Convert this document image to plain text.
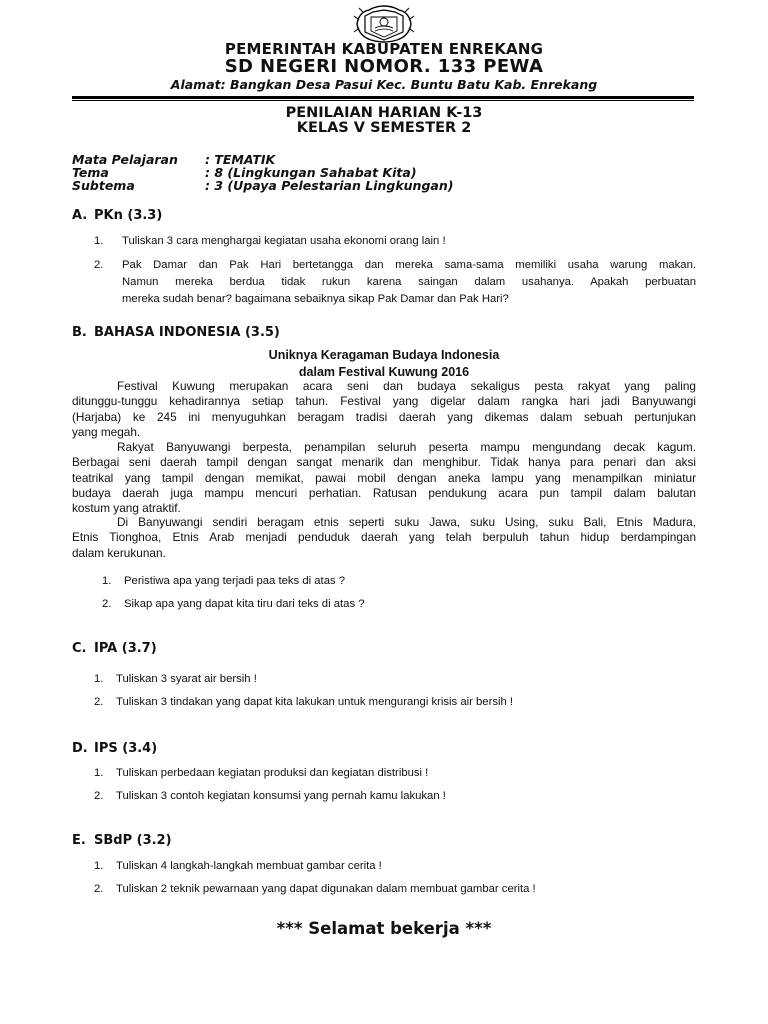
PEMERINTAH KABUPATEN ENREKANG
SD NEGERI NOMOR. 133 PEWA
Alamat: Bangkan Desa Pasui Kec. Buntu Batu Kab. Enrekang
PENILAIAN HARIAN K-13
KELAS V SEMESTER 2
Mata Pelajaran : TEMATIK
Tema	: 8 (Lingkungan Sahabat Kita)
Subtema	: 3 (Upaya Pelestarian Lingkungan)
A. PKn (3.3)
1. Tuliskan 3 cara menghargai kegiatan usaha ekonomi orang lain !
2. Pak Damar dan Pak Hari bertetangga dan mereka sama-sama memiliki usaha warung makan.
Namun mereka berdua tidak rukun karena saingan dalam usahanya. Apakah perbuatan
mereka sudah benar? bagaimana sebaiknya sikap Pak Damar dan Pak Hari?
B. BAHASA INDONESIA (3.5)
Uniknya Keragaman Budaya Indonesia
dalam Festival Kuwung 2016
Festival Kuwung merupakan acara seni dan budaya sekaligus pesta rakyat yang paling
ditunggu-tunggu kehadirannya setiap tahun. Festival yang digelar dalam rangka hari jadi Banyuwangi
(Harjaba) ke 245 ini menyuguhkan beragam tradisi daerah yang dikemas dalam sebuah pertunjukan
yang megah.
Rakyat Banyuwangi berpesta, penampilan seluruh peserta mampu mengundang decak kagum.
Berbagai seni daerah tampil dengan sangat menarik dan menghibur. Tidak hanya para penari dan aksi
teatrikal yang tampil dengan memikat, pawai mobil dengan aneka lampu yang menampilkan miniatur
budaya daerah juga mampu mencuri perhatian. Ratusan pendukung acara pun tampil dalam balutan
kostum yang atraktif.
Di Banyuwangi sendiri beragam etnis seperti suku Jawa, suku Using, suku Bali, Etnis Madura,
Etnis Tionghoa, Etnis Arab menjadi penduduk daerah yang telah berpuluh tahun hidup berdampingan
dalam kerukunan.
1. Peristiwa apa yang terjadi paa teks di atas ?
2. Sikap apa yang dapat kita tiru dari teks di atas ?
C. IPA (3.7)
1. Tuliskan 3 syarat air bersih !
2. Tuliskan 3 tindakan yang dapat kita lakukan untuk mengurangi krisis air bersih !
D. IPS (3.4)
1. Tuliskan perbedaan kegiatan produksi dan kegiatan distribusi !
2. Tuliskan 3 contoh kegiatan konsumsi yang pernah kamu lakukan !
E. SBdP (3.2)
1. Tuliskan 4 langkah-langkah membuat gambar cerita !
2. Tuliskan 2 teknik pewarnaan yang dapat digunakan dalam membuat gambar cerita !
*** Selamat bekerja ***
